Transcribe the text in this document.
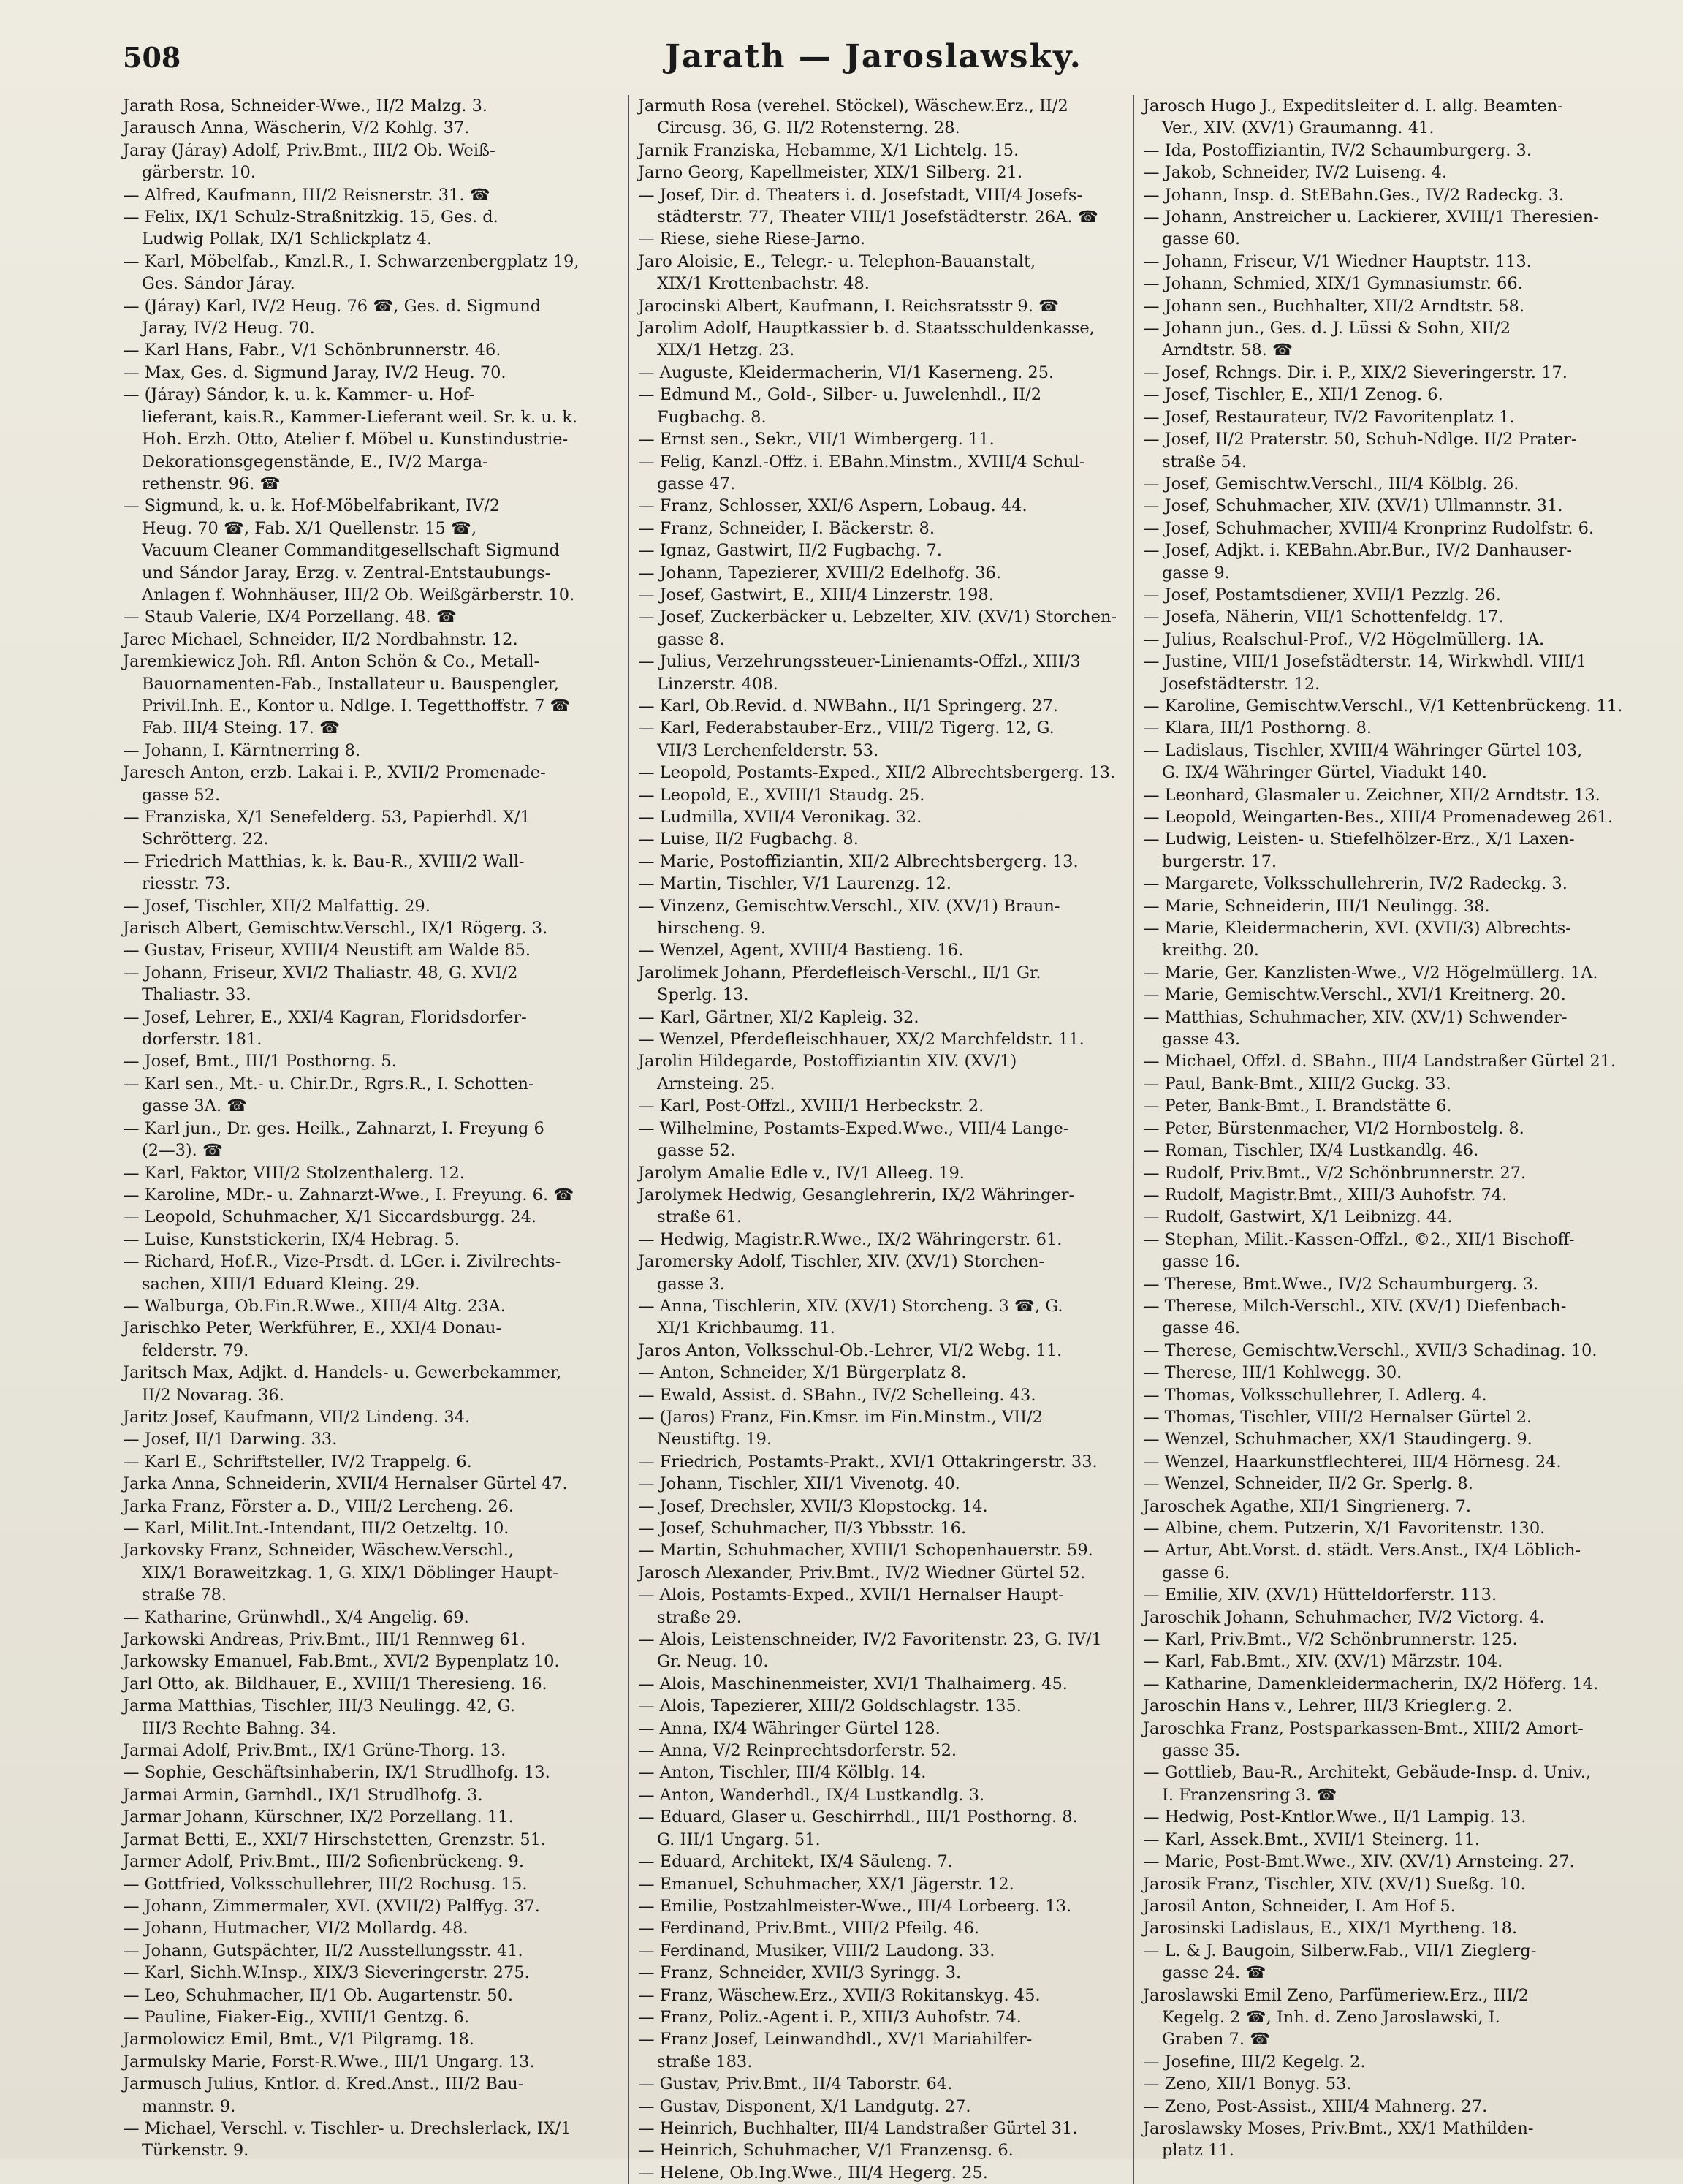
508	Jarath — Jaroslawsky.
Jarath Rosa, Schneider-Wwe., II/2 Malzg. 3.
Jarausch Anna, Wäscherin, V/2 Kohlg. 37.
Jaray (Járay) Adolf, Priv.Bmt., III/2 Ob. Weiß-
gärberstr. 10.
— Alfred, Kaufmann, III/2 Reisnerstr. 31. ☎
— Felix, IX/1 Schulz-Straßnitzkig. 15, Ges. d.
Ludwig Pollak, IX/1 Schlickplatz 4.
— Karl, Möbelfab., Kmzl.R., I. Schwarzenbergplatz 19,
Ges. Sándor Járay.
— (Járay) Karl, IV/2 Heug. 76 ☎, Ges. d. Sigmund
Jaray, IV/2 Heug. 70.
— Karl Hans, Fabr., V/1 Schönbrunnerstr. 46.
— Max, Ges. d. Sigmund Jaray, IV/2 Heug. 70.
— (Járay) Sándor, k. u. k. Kammer- u. Hof-
lieferant, kais.R., Kammer-Lieferant weil. Sr. k. u. k.
Hoh. Erzh. Otto, Atelier f. Möbel u. Kunstindustrie-
Dekorationsgegenstände, E., IV/2 Marga-
rethenstr. 96. ☎
— Sigmund, k. u. k. Hof-Möbelfabrikant, IV/2
Heug. 70 ☎, Fab. X/1 Quellenstr. 15 ☎,
Vacuum Cleaner Commanditgesellschaft Sigmund
und Sándor Jaray, Erzg. v. Zentral-Entstaubungs-
Anlagen f. Wohnhäuser, III/2 Ob. Weißgärberstr. 10.
— Staub Valerie, IX/4 Porzellang. 48. ☎
Jarec Michael, Schneider, II/2 Nordbahnstr. 12.
Jaremkiewicz Joh. Rfl. Anton Schön & Co., Metall-
Bauornamenten-Fab., Installateur u. Bauspengler,
Privil.Inh. E., Kontor u. Ndlge. I. Tegetthoffstr. 7 ☎
Fab. III/4 Steing. 17. ☎
— Johann, I. Kärntnerring 8.
Jaresch Anton, erzb. Lakai i. P., XVII/2 Promenade-
gasse 52.
— Franziska, X/1 Senefelderg. 53, Papierhdl. X/1
Schrötterg. 22.
— Friedrich Matthias, k. k. Bau-R., XVIII/2 Wall-
riesstr. 73.
— Josef, Tischler, XII/2 Malfattig. 29.
Jarisch Albert, Gemischtw.Verschl., IX/1 Rögerg. 3.
— Gustav, Friseur, XVIII/4 Neustift am Walde 85.
— Johann, Friseur, XVI/2 Thaliastr. 48, G. XVI/2
Thaliastr. 33.
— Josef, Lehrer, E., XXI/4 Kagran, Floridsdorfer-
dorferstr. 181.
— Josef, Bmt., III/1 Posthorng. 5.
— Karl sen., Mt.- u. Chir.Dr., Rgrs.R., I. Schotten-
gasse 3A. ☎
— Karl jun., Dr. ges. Heilk., Zahnarzt, I. Freyung 6
(2—3). ☎
— Karl, Faktor, VIII/2 Stolzenthalerg. 12.
— Karoline, MDr.- u. Zahnarzt-Wwe., I. Freyung. 6. ☎
— Leopold, Schuhmacher, X/1 Siccardsburgg. 24.
— Luise, Kunststickerin, IX/4 Hebrag. 5.
— Richard, Hof.R., Vize-Prsdt. d. LGer. i. Zivilrechts-
sachen, XIII/1 Eduard Kleing. 29.
— Walburga, Ob.Fin.R.Wwe., XIII/4 Altg. 23A.
Jarischko Peter, Werkführer, E., XXI/4 Donau-
felderstr. 79.
Jaritsch Max, Adjkt. d. Handels- u. Gewerbekammer,
II/2 Novarag. 36.
Jaritz Josef, Kaufmann, VII/2 Lindeng. 34.
— Josef, II/1 Darwing. 33.
— Karl E., Schriftsteller, IV/2 Trappelg. 6.
Jarka Anna, Schneiderin, XVII/4 Hernalser Gürtel 47.
Jarka Franz, Förster a. D., VIII/2 Lercheng. 26.
— Karl, Milit.Int.-Intendant, III/2 Oetzeltg. 10.
Jarkovsky Franz, Schneider, Wäschew.Verschl.,
XIX/1 Boraweitzkag. 1, G. XIX/1 Döblinger Haupt-
straße 78.
— Katharine, Grünwhdl., X/4 Angelig. 69.
Jarkowski Andreas, Priv.Bmt., III/1 Rennweg 61.
Jarkowsky Emanuel, Fab.Bmt., XVI/2 Bypenplatz 10.
Jarl Otto, ak. Bildhauer, E., XVIII/1 Theresieng. 16.
Jarma Matthias, Tischler, III/3 Neulingg. 42, G.
III/3 Rechte Bahng. 34.
Jarmai Adolf, Priv.Bmt., IX/1 Grüne-Thorg. 13.
— Sophie, Geschäftsinhaberin, IX/1 Strudlhofg. 13.
Jarmai Armin, Garnhdl., IX/1 Strudlhofg. 3.
Jarmar Johann, Kürschner, IX/2 Porzellang. 11.
Jarmat Betti, E., XXI/7 Hirschstetten, Grenzstr. 51.
Jarmer Adolf, Priv.Bmt., III/2 Sofienbrückeng. 9.
— Gottfried, Volksschullehrer, III/2 Rochusg. 15.
— Johann, Zimmermaler, XVI. (XVII/2) Palffyg. 37.
— Johann, Hutmacher, VI/2 Mollardg. 48.
— Johann, Gutspächter, II/2 Ausstellungsstr. 41.
— Karl, Sichh.W.Insp., XIX/3 Sieveringerstr. 275.
— Leo, Schuhmacher, II/1 Ob. Augartenstr. 50.
— Pauline, Fiaker-Eig., XVIII/1 Gentzg. 6.
Jarmolowicz Emil, Bmt., V/1 Pilgramg. 18.
Jarmulsky Marie, Forst-R.Wwe., III/1 Ungarg. 13.
Jarmusch Julius, Kntlor. d. Kred.Anst., III/2 Bau-
mannstr. 9.
— Michael, Verschl. v. Tischler- u. Drechslerlack, IX/1
Türkenstr. 9.
Jarmuth Rosa (verehel. Stöckel), Wäschew.Erz., II/2
Circusg. 36, G. II/2 Rotensterng. 28.
Jarnik Franziska, Hebamme, X/1 Lichtelg. 15.
Jarno Georg, Kapellmeister, XIX/1 Silberg. 21.
— Josef, Dir. d. Theaters i. d. Josefstadt, VIII/4 Josefs-
städterstr. 77, Theater VIII/1 Josefstädterstr. 26A. ☎
— Riese, siehe Riese-Jarno.
Jaro Aloisie, E., Telegr.- u. Telephon-Bauanstalt,
XIX/1 Krottenbachstr. 48.
Jarocinski Albert, Kaufmann, I. Reichsratsstr 9. ☎
Jarolim Adolf, Hauptkassier b. d. Staatsschuldenkasse,
XIX/1 Hetzg. 23.
— Auguste, Kleidermacherin, VI/1 Kaserneng. 25.
— Edmund M., Gold-, Silber- u. Juwelenhdl., II/2
Fugbachg. 8.
— Ernst sen., Sekr., VII/1 Wimbergerg. 11.
— Felig, Kanzl.-Offz. i. EBahn.Minstm., XVIII/4 Schul-
gasse 47.
— Franz, Schlosser, XXI/6 Aspern, Lobaug. 44.
— Franz, Schneider, I. Bäckerstr. 8.
— Ignaz, Gastwirt, II/2 Fugbachg. 7.
— Johann, Tapezierer, XVIII/2 Edelhofg. 36.
— Josef, Gastwirt, E., XIII/4 Linzerstr. 198.
— Josef, Zuckerbäcker u. Lebzelter, XIV. (XV/1) Storchen-
gasse 8.
— Julius, Verzehrungssteuer-Linienamts-Offzl., XIII/3
Linzerstr. 408.
— Karl, Ob.Revid. d. NWBahn., II/1 Springerg. 27.
— Karl, Federabstauber-Erz., VIII/2 Tigerg. 12, G.
VII/3 Lerchenfelderstr. 53.
— Leopold, Postamts-Exped., XII/2 Albrechtsbergerg. 13.
— Leopold, E., XVIII/1 Staudg. 25.
— Ludmilla, XVII/4 Veronikag. 32.
— Luise, II/2 Fugbachg. 8.
— Marie, Postoffiziantin, XII/2 Albrechtsbergerg. 13.
— Martin, Tischler, V/1 Laurenzg. 12.
— Vinzenz, Gemischtw.Verschl., XIV. (XV/1) Braun-
hirscheng. 9.
— Wenzel, Agent, XVIII/4 Bastieng. 16.
Jarolimek Johann, Pferdefleisch-Verschl., II/1 Gr.
Sperlg. 13.
— Karl, Gärtner, XI/2 Kapleig. 32.
— Wenzel, Pferdefleischhauer, XX/2 Marchfeldstr. 11.
Jarolin Hildegarde, Postoffiziantin XIV. (XV/1)
Arnsteing. 25.
— Karl, Post-Offzl., XVIII/1 Herbeckstr. 2.
— Wilhelmine, Postamts-Exped.Wwe., VIII/4 Lange-
gasse 52.
Jarolym Amalie Edle v., IV/1 Alleeg. 19.
Jarolymek Hedwig, Gesanglehrerin, IX/2 Währinger-
straße 61.
— Hedwig, Magistr.R.Wwe., IX/2 Währingerstr. 61.
Jaromersky Adolf, Tischler, XIV. (XV/1) Storchen-
gasse 3.
— Anna, Tischlerin, XIV. (XV/1) Storcheng. 3 ☎, G.
XI/1 Krichbaumg. 11.
Jaros Anton, Volksschul-Ob.-Lehrer, VI/2 Webg. 11.
— Anton, Schneider, X/1 Bürgerplatz 8.
— Ewald, Assist. d. SBahn., IV/2 Schelleing. 43.
— (Jaros) Franz, Fin.Kmsr. im Fin.Minstm., VII/2
Neustiftg. 19.
— Friedrich, Postamts-Prakt., XVI/1 Ottakringerstr. 33.
— Johann, Tischler, XII/1 Vivenotg. 40.
— Josef, Drechsler, XVII/3 Klopstockg. 14.
— Josef, Schuhmacher, II/3 Ybbsstr. 16.
— Martin, Schuhmacher, XVIII/1 Schopenhauerstr. 59.
Jarosch Alexander, Priv.Bmt., IV/2 Wiedner Gürtel 52.
— Alois, Postamts-Exped., XVII/1 Hernalser Haupt-
straße 29.
— Alois, Leistenschneider, IV/2 Favoritenstr. 23, G. IV/1
Gr. Neug. 10.
— Alois, Maschinenmeister, XVI/1 Thalhaimerg. 45.
— Alois, Tapezierer, XIII/2 Goldschlagstr. 135.
— Anna, IX/4 Währinger Gürtel 128.
— Anna, V/2 Reinprechtsdorferstr. 52.
— Anton, Tischler, III/4 Kölblg. 14.
— Anton, Wanderhdl., IX/4 Lustkandlg. 3.
— Eduard, Glaser u. Geschirrhdl., III/1 Posthorng. 8.
G. III/1 Ungarg. 51.
— Eduard, Architekt, IX/4 Säuleng. 7.
— Emanuel, Schuhmacher, XX/1 Jägerstr. 12.
— Emilie, Postzahlmeister-Wwe., III/4 Lorbeerg. 13.
— Ferdinand, Priv.Bmt., VIII/2 Pfeilg. 46.
— Ferdinand, Musiker, VIII/2 Laudong. 33.
— Franz, Schneider, XVII/3 Syringg. 3.
— Franz, Wäschew.Erz., XVII/3 Rokitanskyg. 45.
— Franz, Poliz.-Agent i. P., XIII/3 Auhofstr. 74.
— Franz Josef, Leinwandhdl., XV/1 Mariahilfer-
straße 183.
— Gustav, Priv.Bmt., II/4 Taborstr. 64.
— Gustav, Disponent, X/1 Landgutg. 27.
— Heinrich, Buchhalter, III/4 Landstraßer Gürtel 31.
— Heinrich, Schuhmacher, V/1 Franzensg. 6.
— Helene, Ob.Ing.Wwe., III/4 Hegerg. 25.
Jarosch Hugo J., Expeditsleiter d. I. allg. Beamten-
Ver., XIV. (XV/1) Graumanng. 41.
— Ida, Postoffiziantin, IV/2 Schaumburgerg. 3.
— Jakob, Schneider, IV/2 Luiseng. 4.
— Johann, Insp. d. StEBahn.Ges., IV/2 Radeckg. 3.
— Johann, Anstreicher u. Lackierer, XVIII/1 Theresien-
gasse 60.
— Johann, Friseur, V/1 Wiedner Hauptstr. 113.
— Johann, Schmied, XIX/1 Gymnasiumstr. 66.
— Johann sen., Buchhalter, XII/2 Arndtstr. 58.
— Johann jun., Ges. d. J. Lüssi & Sohn, XII/2
Arndtstr. 58. ☎
— Josef, Rchngs. Dir. i. P., XIX/2 Sieveringerstr. 17.
— Josef, Tischler, E., XII/1 Zenog. 6.
— Josef, Restaurateur, IV/2 Favoritenplatz 1.
— Josef, II/2 Praterstr. 50, Schuh-Ndlge. II/2 Prater-
straße 54.
— Josef, Gemischtw.Verschl., III/4 Kölblg. 26.
— Josef, Schuhmacher, XIV. (XV/1) Ullmannstr. 31.
— Josef, Schuhmacher, XVIII/4 Kronprinz Rudolfstr. 6.
— Josef, Adjkt. i. KEBahn.Abr.Bur., IV/2 Danhauser-
gasse 9.
— Josef, Postamtsdiener, XVII/1 Pezzlg. 26.
— Josefa, Näherin, VII/1 Schottenfeldg. 17.
— Julius, Realschul-Prof., V/2 Högelmüllerg. 1A.
— Justine, VIII/1 Josefstädterstr. 14, Wirkwhdl. VIII/1
Josefstädterstr. 12.
— Karoline, Gemischtw.Verschl., V/1 Kettenbrückeng. 11.
— Klara, III/1 Posthorng. 8.
— Ladislaus, Tischler, XVIII/4 Währinger Gürtel 103,
G. IX/4 Währinger Gürtel, Viadukt 140.
— Leonhard, Glasmaler u. Zeichner, XII/2 Arndtstr. 13.
— Leopold, Weingarten-Bes., XIII/4 Promenadeweg 261.
— Ludwig, Leisten- u. Stiefelhölzer-Erz., X/1 Laxen-
burgerstr. 17.
— Margarete, Volksschullehrerin, IV/2 Radeckg. 3.
— Marie, Schneiderin, III/1 Neulingg. 38.
— Marie, Kleidermacherin, XVI. (XVII/3) Albrechts-
kreithg. 20.
— Marie, Ger. Kanzlisten-Wwe., V/2 Högelmüllerg. 1A.
— Marie, Gemischtw.Verschl., XVI/1 Kreitnerg. 20.
— Matthias, Schuhmacher, XIV. (XV/1) Schwender-
gasse 43.
— Michael, Offzl. d. SBahn., III/4 Landstraßer Gürtel 21.
— Paul, Bank-Bmt., XIII/2 Guckg. 33.
— Peter, Bank-Bmt., I. Brandstätte 6.
— Peter, Bürstenmacher, VI/2 Hornbostelg. 8.
— Roman, Tischler, IX/4 Lustkandlg. 46.
— Rudolf, Priv.Bmt., V/2 Schönbrunnerstr. 27.
— Rudolf, Magistr.Bmt., XIII/3 Auhofstr. 74.
— Rudolf, Gastwirt, X/1 Leibnizg. 44.
— Stephan, Milit.-Kassen-Offzl., ©2., XII/1 Bischoff-
gasse 16.
— Therese, Bmt.Wwe., IV/2 Schaumburgerg. 3.
— Therese, Milch-Verschl., XIV. (XV/1) Diefenbach-
gasse 46.
— Therese, Gemischtw.Verschl., XVII/3 Schadinag. 10.
— Therese, III/1 Kohlwegg. 30.
— Thomas, Volksschullehrer, I. Adlerg. 4.
— Thomas, Tischler, VIII/2 Hernalser Gürtel 2.
— Wenzel, Schuhmacher, XX/1 Staudingerg. 9.
— Wenzel, Haarkunstflechterei, III/4 Hörnesg. 24.
— Wenzel, Schneider, II/2 Gr. Sperlg. 8.
Jaroschek Agathe, XII/1 Singrienerg. 7.
— Albine, chem. Putzerin, X/1 Favoritenstr. 130.
— Artur, Abt.Vorst. d. städt. Vers.Anst., IX/4 Löblich-
gasse 6.
— Emilie, XIV. (XV/1) Hütteldorferstr. 113.
Jaroschik Johann, Schuhmacher, IV/2 Victorg. 4.
— Karl, Priv.Bmt., V/2 Schönbrunnerstr. 125.
— Karl, Fab.Bmt., XIV. (XV/1) Märzstr. 104.
— Katharine, Damenkleidermacherin, IX/2 Höferg. 14.
Jaroschin Hans v., Lehrer, III/3 Kriegler.g. 2.
Jaroschka Franz, Postsparkassen-Bmt., XIII/2 Amort-
gasse 35.
— Gottlieb, Bau-R., Architekt, Gebäude-Insp. d. Univ.,
I. Franzensring 3. ☎
— Hedwig, Post-Kntlor.Wwe., II/1 Lampig. 13.
— Karl, Assek.Bmt., XVII/1 Steinerg. 11.
— Marie, Post-Bmt.Wwe., XIV. (XV/1) Arnsteing. 27.
Jarosik Franz, Tischler, XIV. (XV/1) Sueßg. 10.
Jarosil Anton, Schneider, I. Am Hof 5.
Jarosinski Ladislaus, E., XIX/1 Myrtheng. 18.
— L. & J. Baugoin, Silberw.Fab., VII/1 Zieglerg-
gasse 24. ☎
Jaroslawski Emil Zeno, Parfümeriew.Erz., III/2
Kegelg. 2 ☎, Inh. d. Zeno Jaroslawski, I.
Graben 7. ☎
— Josefine, III/2 Kegelg. 2.
— Zeno, XII/1 Bonyg. 53.
— Zeno, Post-Assist., XIII/4 Mahnerg. 27.
Jaroslawsky Moses, Priv.Bmt., XX/1 Mathilden-
platz 11.
